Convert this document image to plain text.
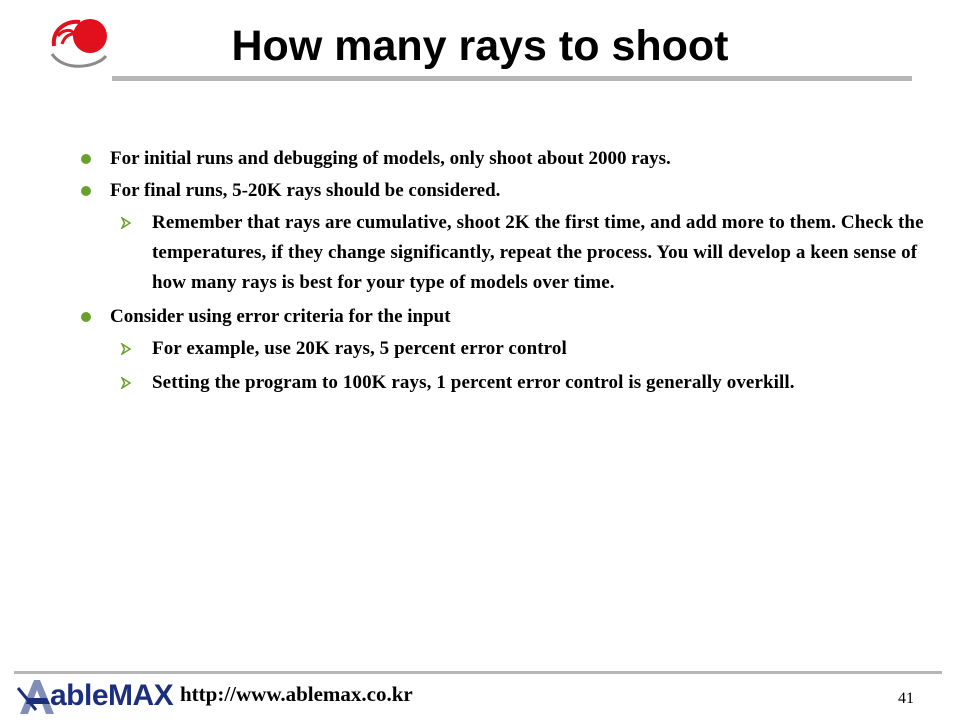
How many rays to shoot
For initial runs and debugging of models, only shoot about 2000 rays.
For final runs, 5-20K rays should be considered.
Remember that rays are cumulative, shoot 2K the first time, and add more to them. Check the temperatures, if they change significantly, repeat the process. You will develop a keen sense of how many rays is best for your type of models over time.
Consider using error criteria for the input
For example, use 20K rays, 5 percent error control
Setting the program to 100K rays, 1 percent error control is generally overkill.
ableMAX http://www.ablemax.co.kr	41
